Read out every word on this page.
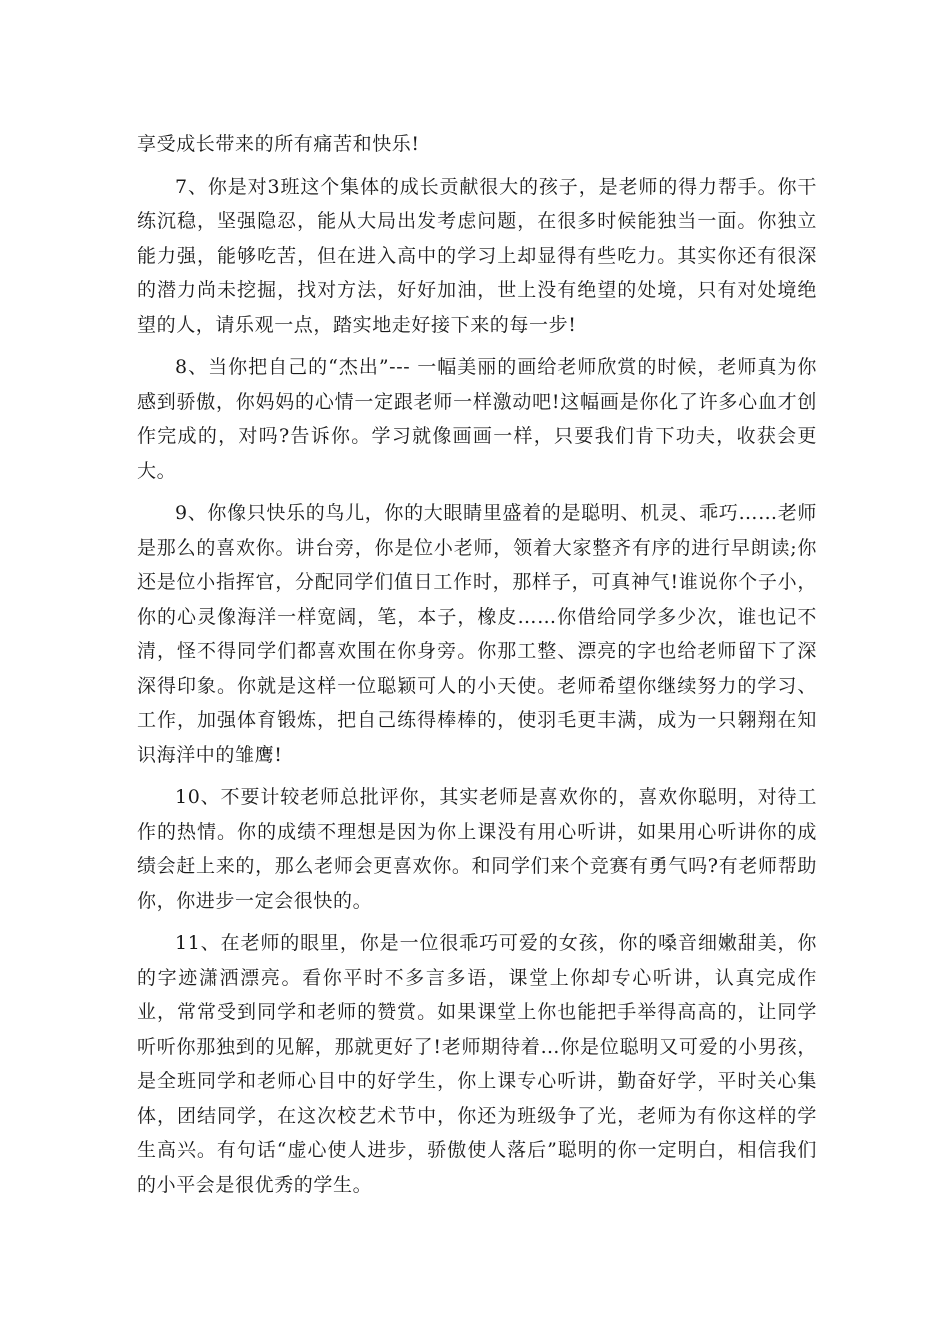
享受成长带来的所有痛苦和快乐!

7、你是对3班这个集体的成长贡献很大的孩子，是老师的得力帮手。你干练沉稳，坚强隐忍，能从大局出发考虑问题，在很多时候能独当一面。你独立能力强，能够吃苦，但在进入高中的学习上却显得有些吃力。其实你还有很深的潜力尚未挖掘，找对方法，好好加油，世上没有绝望的处境，只有对处境绝望的人，请乐观一点，踏实地走好接下来的每一步!

8、当你把自己的“杰出”--- 一幅美丽的画给老师欣赏的时候，老师真为你感到骄傲，你妈妈的心情一定跟老师一样激动吧!这幅画是你化了许多心血才创作完成的，对吗?告诉你。学习就像画画一样，只要我们肯下功夫，收获会更大。

9、你像只快乐的鸟儿，你的大眼睛里盛着的是聪明、机灵、乖巧……老师是那么的喜欢你。讲台旁，你是位小老师，领着大家整齐有序的进行早朗读;你还是位小指挥官，分配同学们值日工作时，那样子，可真神气!谁说你个子小，你的心灵像海洋一样宽阔，笔，本子，橡皮……你借给同学多少次，谁也记不清，怪不得同学们都喜欢围在你身旁。你那工整、漂亮的字也给老师留下了深深得印象。你就是这样一位聪颖可人的小天使。老师希望你继续努力的学习、工作，加强体育锻炼，把自己练得棒棒的，使羽毛更丰满，成为一只翱翔在知识海洋中的雏鹰!

10、不要计较老师总批评你，其实老师是喜欢你的，喜欢你聪明，对待工作的热情。你的成绩不理想是因为你上课没有用心听讲，如果用心听讲你的成绩会赶上来的，那么老师会更喜欢你。和同学们来个竞赛有勇气吗?有老师帮助你，你进步一定会很快的。

11、在老师的眼里，你是一位很乖巧可爱的女孩，你的嗓音细嫩甜美，你的字迹潇洒漂亮。看你平时不多言多语，课堂上你却专心听讲，认真完成作业，常常受到同学和老师的赞赏。如果课堂上你也能把手举得高高的，让同学听听你那独到的见解，那就更好了!老师期待着…你是位聪明又可爱的小男孩，是全班同学和老师心目中的好学生，你上课专心听讲，勤奋好学，平时关心集体，团结同学，在这次校艺术节中，你还为班级争了光，老师为有你这样的学生高兴。有句话“虚心使人进步，骄傲使人落后”聪明的你一定明白，相信我们的小平会是很优秀的学生。
